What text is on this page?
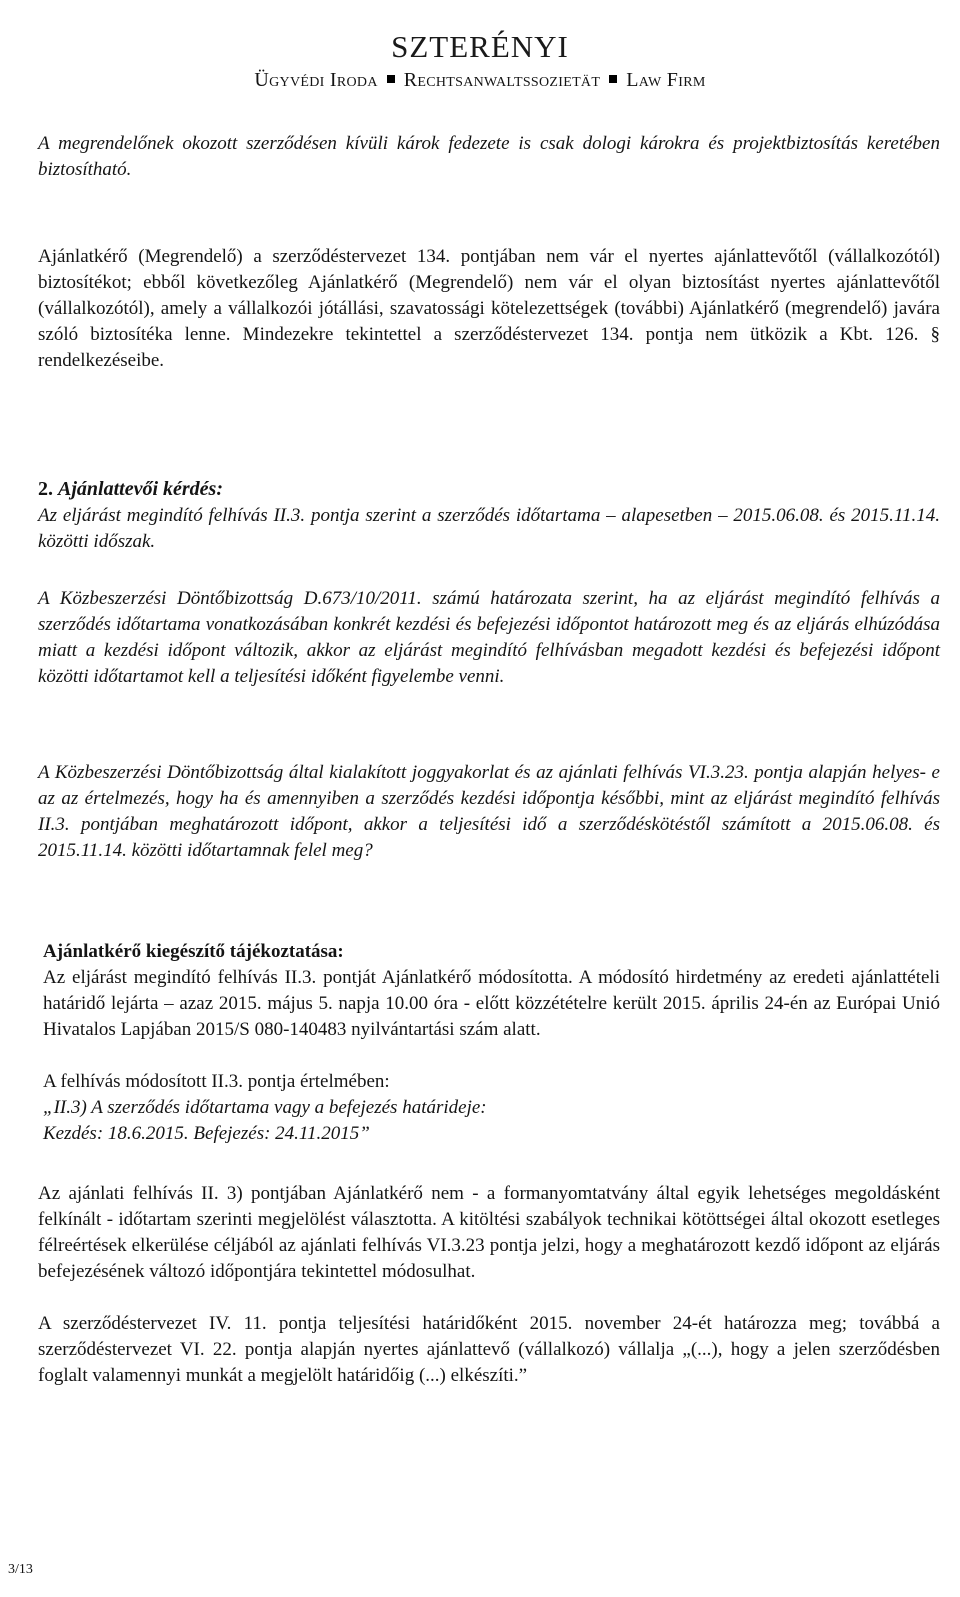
SZTERÉNYI
Ügyvédi Iroda Rechtsanwaltssozietät Law Firm

A megrendelőnek okozott szerződésen kívüli károk fedezete is csak dologi károkra és projektbiztosítás keretében biztosítható.

Ajánlatkérő (Megrendelő) a szerződéstervezet 134. pontjában nem vár el nyertes ajánlattevőtől (vállalkozótól) biztosítékot; ebből következőleg Ajánlatkérő (Megrendelő) nem vár el olyan biztosítást nyertes ajánlattevőtől (vállalkozótól), amely a vállalkozói jótállási, szavatossági kötelezettségek (további) Ajánlatkérő (megrendelő) javára szóló biztosítéka lenne. Mindezekre tekintettel a szerződéstervezet 134. pontja nem ütközik a Kbt. 126. § rendelkezéseibe.

2. Ajánlattevői kérdés:

Az eljárást megindító felhívás II.3. pontja szerint a szerződés időtartama – alapesetben – 2015.06.08. és 2015.11.14. közötti időszak.

A Közbeszerzési Döntőbizottság D.673/10/2011. számú határozata szerint, ha az eljárást megindító felhívás a szerződés időtartama vonatkozásában konkrét kezdési és befejezési időpontot határozott meg és az eljárás elhúzódása miatt a kezdési időpont változik, akkor az eljárást megindító felhívásban megadott kezdési és befejezési időpont közötti időtartamot kell a teljesítési időként figyelembe venni.

A Közbeszerzési Döntőbizottság által kialakított joggyakorlat és az ajánlati felhívás VI.3.23. pontja alapján helyes- e az az értelmezés, hogy ha és amennyiben a szerződés kezdési időpontja későbbi, mint az eljárást megindító felhívás II.3. pontjában meghatározott időpont, akkor a teljesítési idő a szerződéskötéstől számított a 2015.06.08. és 2015.11.14. közötti időtartamnak felel meg?

Ajánlatkérő kiegészítő tájékoztatása:

Az eljárást megindító felhívás II.3. pontját Ajánlatkérő módosította. A módosító hirdetmény az eredeti ajánlattételi határidő lejárta – azaz 2015. május 5. napja 10.00 óra - előtt közzétételre került 2015. április 24-én az Európai Unió Hivatalos Lapjában 2015/S 080-140483 nyilvántartási szám alatt.

A felhívás módosított II.3. pontja értelmében:

„II.3) A szerződés időtartama vagy a befejezés határideje:

Kezdés: 18.6.2015. Befejezés: 24.11.2015”

Az ajánlati felhívás II. 3) pontjában Ajánlatkérő nem - a formanyomtatvány által egyik lehetséges megoldásként felkínált - időtartam szerinti megjelölést választotta. A kitöltési szabályok technikai kötöttségei által okozott esetleges félreértések elkerülése céljából az ajánlati felhívás VI.3.23 pontja jelzi, hogy a meghatározott kezdő időpont az eljárás befejezésének változó időpontjára tekintettel módosulhat.

A szerződéstervezet IV. 11. pontja teljesítési határidőként 2015. november 24-ét határozza meg; továbbá a szerződéstervezet VI. 22. pontja alapján nyertes ajánlattevő (vállalkozó) vállalja „(...), hogy a jelen szerződésben foglalt valamennyi munkát a megjelölt határidőig (...) elkészíti.”

3/13
